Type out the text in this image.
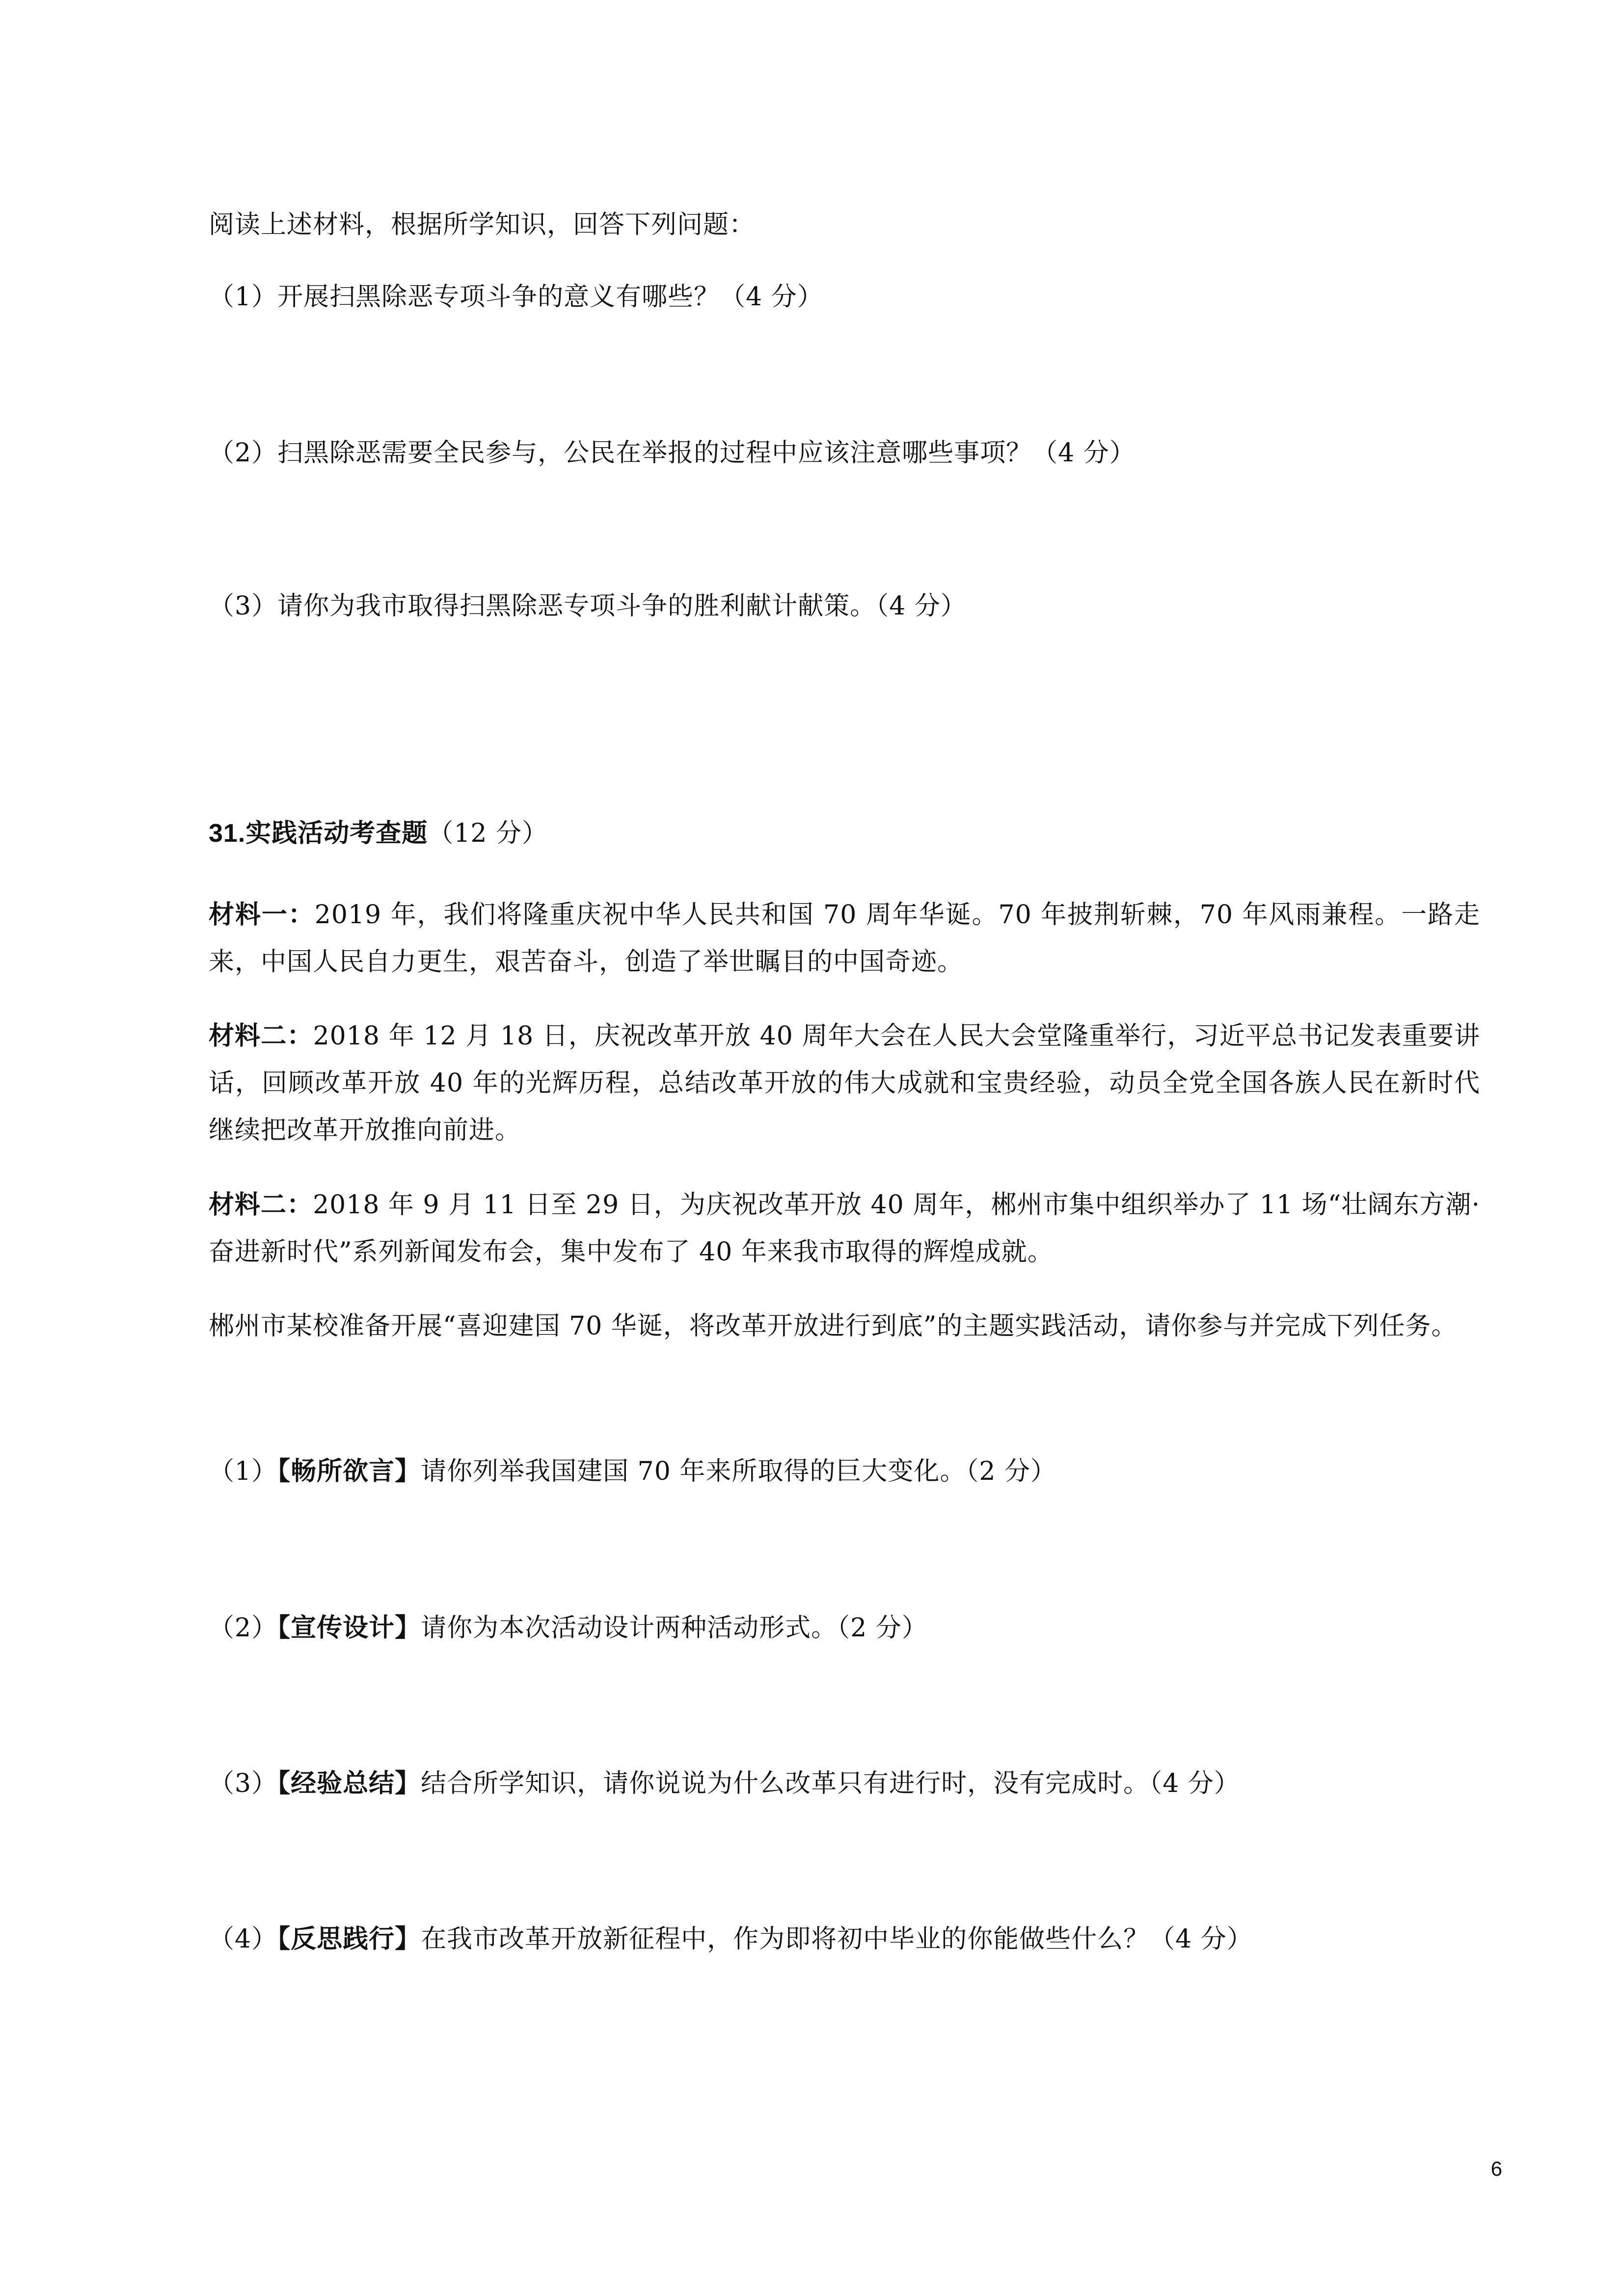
阅读上述材料，根据所学知识，回答下列问题：
（1）开展扫黑除恶专项斗争的意义有哪些？（4 分）
（2）扫黑除恶需要全民参与，公民在举报的过程中应该注意哪些事项？（4 分）
（3）请你为我市取得扫黑除恶专项斗争的胜利献计献策。（4 分）
31.实践活动考查题（12 分）
材料一：2019 年，我们将隆重庆祝中华人民共和国 70 周年华诞。70 年披荆斩棘，70 年风雨兼程。一路走来，中国人民自力更生，艰苦奋斗，创造了举世瞩目的中国奇迹。
材料二：2018 年 12 月 18 日，庆祝改革开放 40 周年大会在人民大会堂隆重举行，习近平总书记发表重要讲话，回顾改革开放 40 年的光辉历程，总结改革开放的伟大成就和宝贵经验，动员全党全国各族人民在新时代继续把改革开放推向前进。
材料二：2018 年 9 月 11 日至 29 日，为庆祝改革开放 40 周年，郴州市集中组织举办了 11 场“壮阔东方潮·奋进新时代”系列新闻发布会，集中发布了 40 年来我市取得的辉煌成就。
郴州市某校准备开展“喜迎建国 70 华诞，将改革开放进行到底”的主题实践活动，请你参与并完成下列任务。
（1）【畅所欲言】请你列举我国建国 70 年来所取得的巨大变化。（2 分）
（2）【宣传设计】请你为本次活动设计两种活动形式。（2 分）
（3）【经验总结】结合所学知识，请你说说为什么改革只有进行时，没有完成时。（4 分）
（4）【反思践行】在我市改革开放新征程中，作为即将初中毕业的你能做些什么？（4 分）
6
